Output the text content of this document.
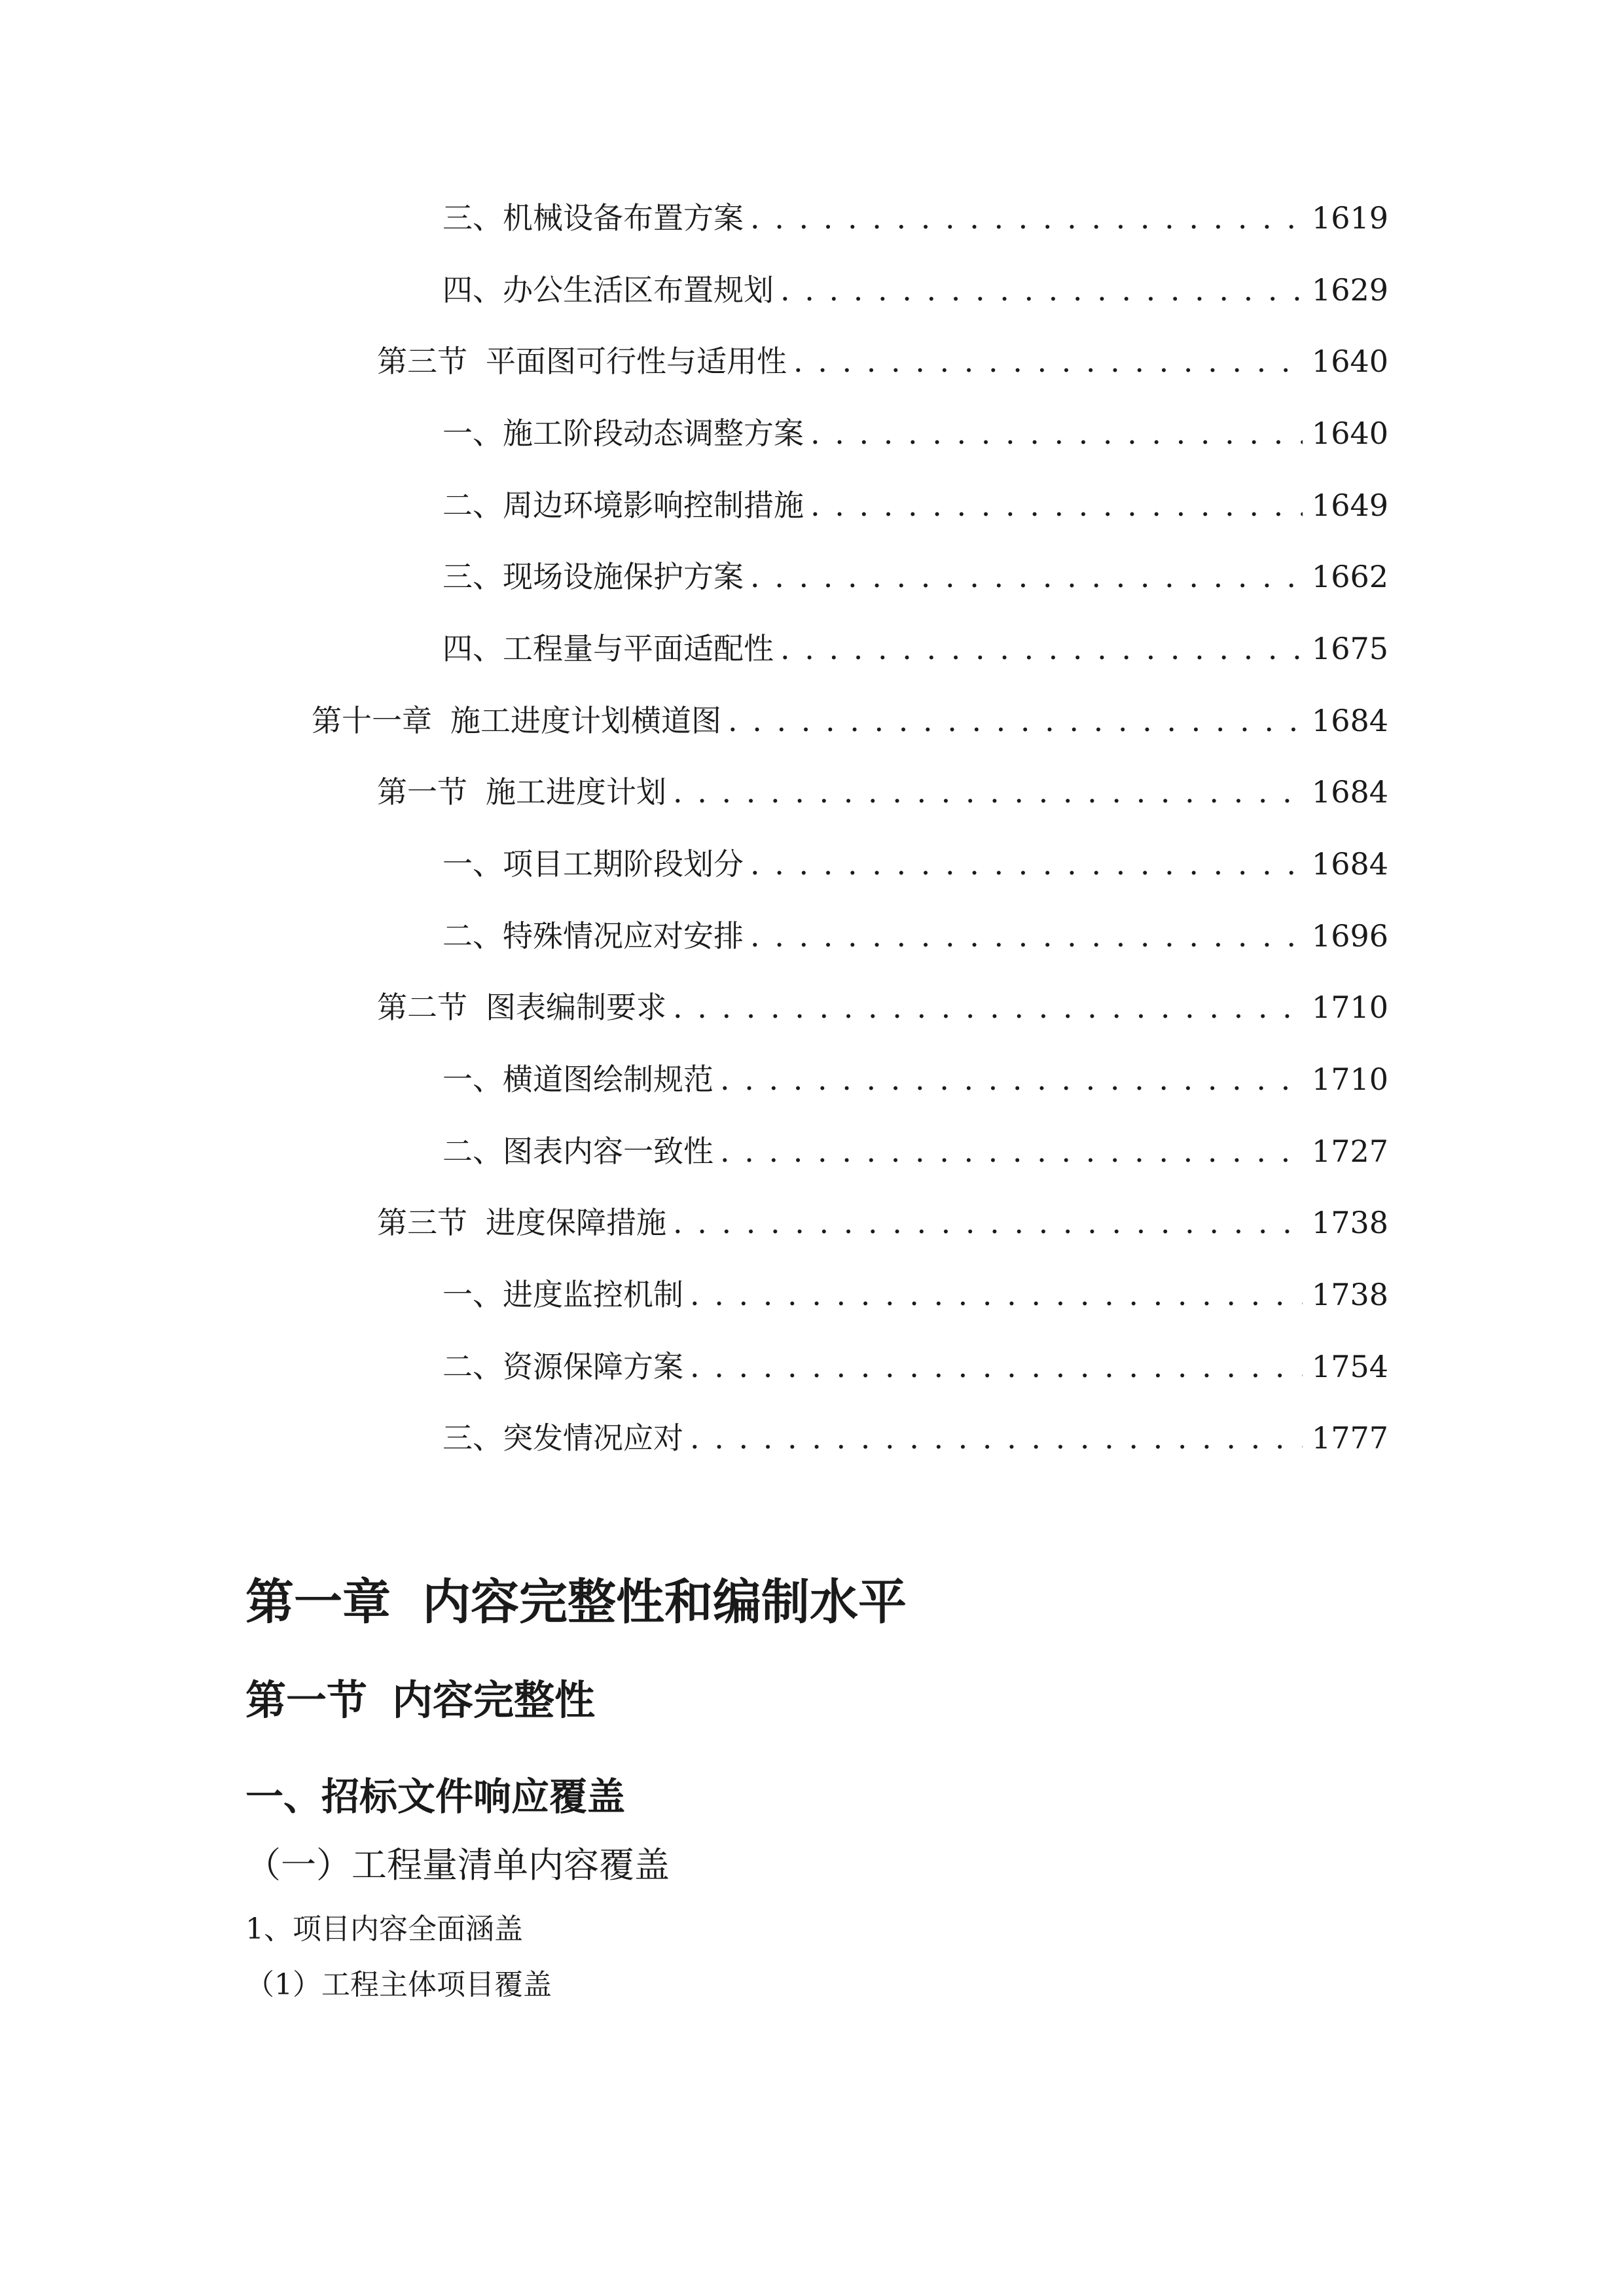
三、 机械设备布置方案 . . .	1619
四、 办公生活区布置规划 . . .	1629
第三节 平面图可行性与适用性 . . .	1640
一、 施工阶段动态调整方案 . . .	1640
二、 周边环境影响控制措施 . . .	1649
三、 现场设施保护方案 . . .	1662
四、 工程量与平面适配性 . . .	1675
第十一章 施工进度计划横道图 . . .	1684
第一节 施工进度计划 . . .	1684
一、 项目工期阶段划分 . . .	1684
二、 特殊情况应对安排 . . .	1696
第二节 图表编制要求 . . .	1710
一、 横道图绘制规范 . . .	1710
二、 图表内容一致性 . . .	1727
第三节 进度保障措施 . . .	1738
一、 进度监控机制 . . .	1738
二、 资源保障方案 . . .	1754
三、 突发情况应对 . . .	1777
第一章 内容完整性和编制水平
第一节 内容完整性
一、招标文件响应覆盖
（一）工程量清单内容覆盖
1、项目内容全面涵盖
（1）工程主体项目覆盖
